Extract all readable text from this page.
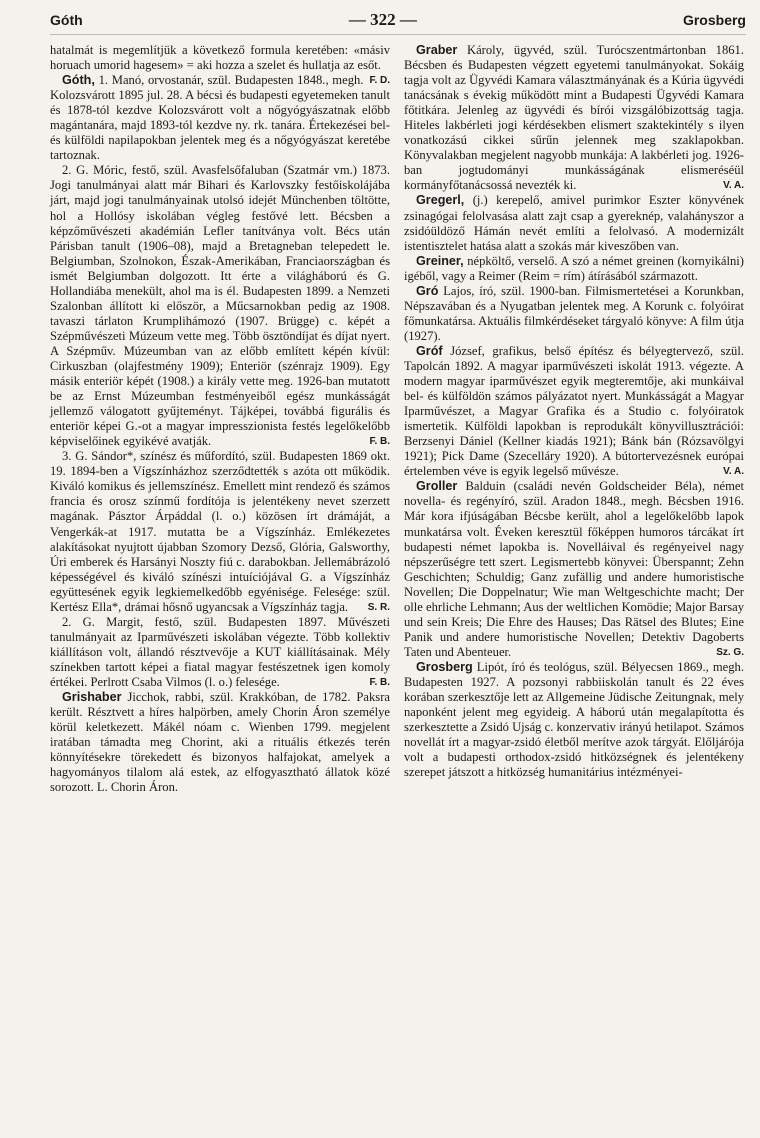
Góth	— 322 —	Grosberg

hatalmát is megemlítjük a következő formula keretében: «másiv horuach umorid hagesem» = aki hozza a szelet és hullatja az esőt.
F. D.

Góth, 1. Manó, orvostanár, szül. Budapesten 1848., megh. Kolozsvárott 1895 jul. 28. A bécsi és budapesti egyetemeken tanult és 1878-tól kezdve Kolozsvárott volt a nőgyógyászatnak előbb magántanára, majd 1893-tól kezdve ny. rk. tanára. Értekezései bel- és külföldi napilapokban jelentek meg és a nőgyógyászat keretébe tartoznak.

2. G. Móric, festő, szül. Avasfelsőfaluban (Szatmár vm.) 1873. Jogi tanulmányai alatt már Bihari és Karlovszky festőiskolájába járt, majd jogi tanulmányainak utolsó idejét Münchenben töltötte, hol a Hollósy iskolában végleg festővé lett. Bécsben a képzőművészeti akadémián Lefler tanítványa volt. Bécs után Párisban tanult (1906–08), majd a Bretagneban telepedett le. Belgiumban, Szolnokon, Észak-Amerikában, Franciaországban és ismét Belgiumban dolgozott. Itt érte a világháború és G. Hollandiába menekült, ahol ma is él. Budapesten 1899. a Nemzeti Szalonban állított ki először, a Műcsarnokban pedig az 1908. tavaszi tárlaton Krumplihámozó (1907. Brügge) c. képét a Szépművészeti Múzeum vette meg. Több ösztöndíjat és díjat nyert. A Szépműv. Múzeumban van az előbb említett képén kívül: Cirkuszban (olajfestmény 1909); Enteriör (szénrajz 1909). Egy másik enteriör képét (1908.) a király vette meg. 1926-ban mutatott be az Ernst Múzeumban festményeiből egész munkásságát jellemző válogatott gyűjteményt. Tájképei, továbbá figurális és enteriör képei G.-ot a magyar impresszionista festés legelőkelőbb képviselőinek egyikévé avatják.	F. B.

3. G. Sándor*, színész és műfordító, szül. Budapesten 1869 okt. 19. 1894-ben a Vígszínházhoz szerződtették s azóta ott működik. Kiváló komikus és jellemszínész. Emellett mint rendező és számos francia és orosz színmű fordítója is jelentékeny nevet szerzett magának. Pásztor Árpáddal (l. o.) közösen írt drámáját, a Vengerkák-at 1917. mutatta be a Vígszínház. Emlékezetes alakításokat nyujtott újabban Szomory Dezső, Glória, Galsworthy, Úri emberek és Harsányi Noszty fiú c. darabokban. Jellemábrázoló képességével és kiváló színészi intuíciójával G. a Vígszínház együttesének egyik legkiemelkedőbb egyénisége. Felesége: szül. Kertész Ella*, drámai hősnő ugyancsak a Vígszínház tagja.	S. R.

2. G. Margit, festő, szül. Budapesten 1897. Művészeti tanulmányait az Iparművészeti iskolában végezte. Több kollektiv kiállításon volt, állandó résztvevője a KUT kiállításainak. Mély színekben tartott képei a fiatal magyar festészetnek igen komoly értékei. Perlrott Csaba Vilmos (l. o.) felesége.	F. B.

Grishaber Jicchok, rabbi, szül. Krakkóban, de 1782. Paksra került. Résztvett a híres halpörben, amely Chorin Áron személye körül keletkezett. Mákél nóam c. Wienben 1799. megjelent iratában támadta meg Chorint, aki a rituális étkezés terén könnyítésekre törekedett és bizonyos halfajokat, amelyek a hagyományos tilalom alá estek, az elfogyasztható állatok közé sorozott. L. Chorin Áron.

Graber Károly, ügyvéd, szül. Turócszentmártonban 1861. Bécsben és Budapesten végzett egyetemi tanulmányokat. Sokáig tagja volt az Ügyvédi Kamara választmányának és a Kúria ügyvédi tanácsának s évekig működött mint a Budapesti Ügyvédi Kamara főtitkára. Jelenleg az ügyvédi és bírói vizsgálóbizottság tagja. Hiteles lakbérleti jogi kérdésekben elismert szaktekintély s ilyen vonatkozású cikkei sűrűn jelennek meg szaklapokban. Könyvalakban megjelent nagyobb munkája: A lakbérleti jog. 1926-ban jogtudományi munkásságának elismeréséül kormányfőtanácsossá nevezték ki.	V. A.

Gregerl, (j.) kerepelő, amivel purimkor Eszter könyvének zsinagógai felolvasása alatt zajt csap a gyereknép, valahányszor a zsidóüldöző Hámán nevét említi a felolvasó. A modernizált istentisztelet hatása alatt a szokás már kiveszőben van.

Greiner, népköltő, verselő. A szó a német greinen (kornyikálni) igéből, vagy a Reimer (Reim = rím) átírásából származott.

Gró Lajos, író, szül. 1900-ban. Filmismertetései a Korunkban, Népszavában és a Nyugatban jelentek meg. A Korunk c. folyóirat főmunkatársa. Aktuális filmkérdéseket tárgyaló könyve: A film útja (1927).

Gróf József, grafikus, belső építész és bélyegtervező, szül. Tapolcán 1892. A magyar iparművészeti iskolát 1913. végezte. A modern magyar iparművészet egyik megteremtője, aki munkáival bel- és külföldön számos pályázatot nyert. Munkásságát a Magyar Iparművészet, a Magyar Grafika és a Studio c. folyóiratok ismertetik. Külföldi lapokban is reprodukált könyvillusztrációi: Berzsenyi Dániel (Kellner kiadás 1921); Bánk bán (Rózsavölgyi 1921); Pick Dame (Szecelláry 1920). A bútortervezésnek európai értelemben véve is egyik legelső művésze.	V. A.

Groller Balduin (családi nevén Goldscheider Béla), német novella- és regényíró, szül. Aradon 1848., megh. Bécsben 1916. Már kora ifjúságában Bécsbe került, ahol a legelőkelőbb lapok munkatársa volt. Éveken keresztül főképpen humoros tárcákat írt budapesti német lapokba is. Novelláival és regényeivel nagy népszerűségre tett szert. Legismertebb könyvei: Überspannt; Zehn Geschichten; Schuldig; Ganz zufällig und andere humoristische Novellen; Die Doppelnatur; Wie man Weltgeschichte macht; Der olle ehrliche Lehmann; Aus der weltlichen Komödie; Major Barsay und sein Kreis; Die Ehre des Hauses; Das Rätsel des Blutes; Eine Panik und andere humoristische Novellen; Detektiv Dagoberts Taten und Abenteuer.	Sz. G.

Grosberg Lipót, író és teológus, szül. Bélyecsen 1869., megh. Budapesten 1927. A pozsonyi rabbiiskolán tanult és 22 éves korában szerkesztője lett az Allgemeine Jüdische Zeitungnak, mely naponként jelent meg egyideig. A háború után megalapította és szerkesztette a Zsidó Ujság c. konzervativ irányú hetilapot. Számos novellát írt a magyar-zsidó életből merítve azok tárgyát. Előljárója volt a budapesti orthodox-zsidó hitközségnek és jelentékeny szerepet játszott a hitközség humanitárius intézményei-
